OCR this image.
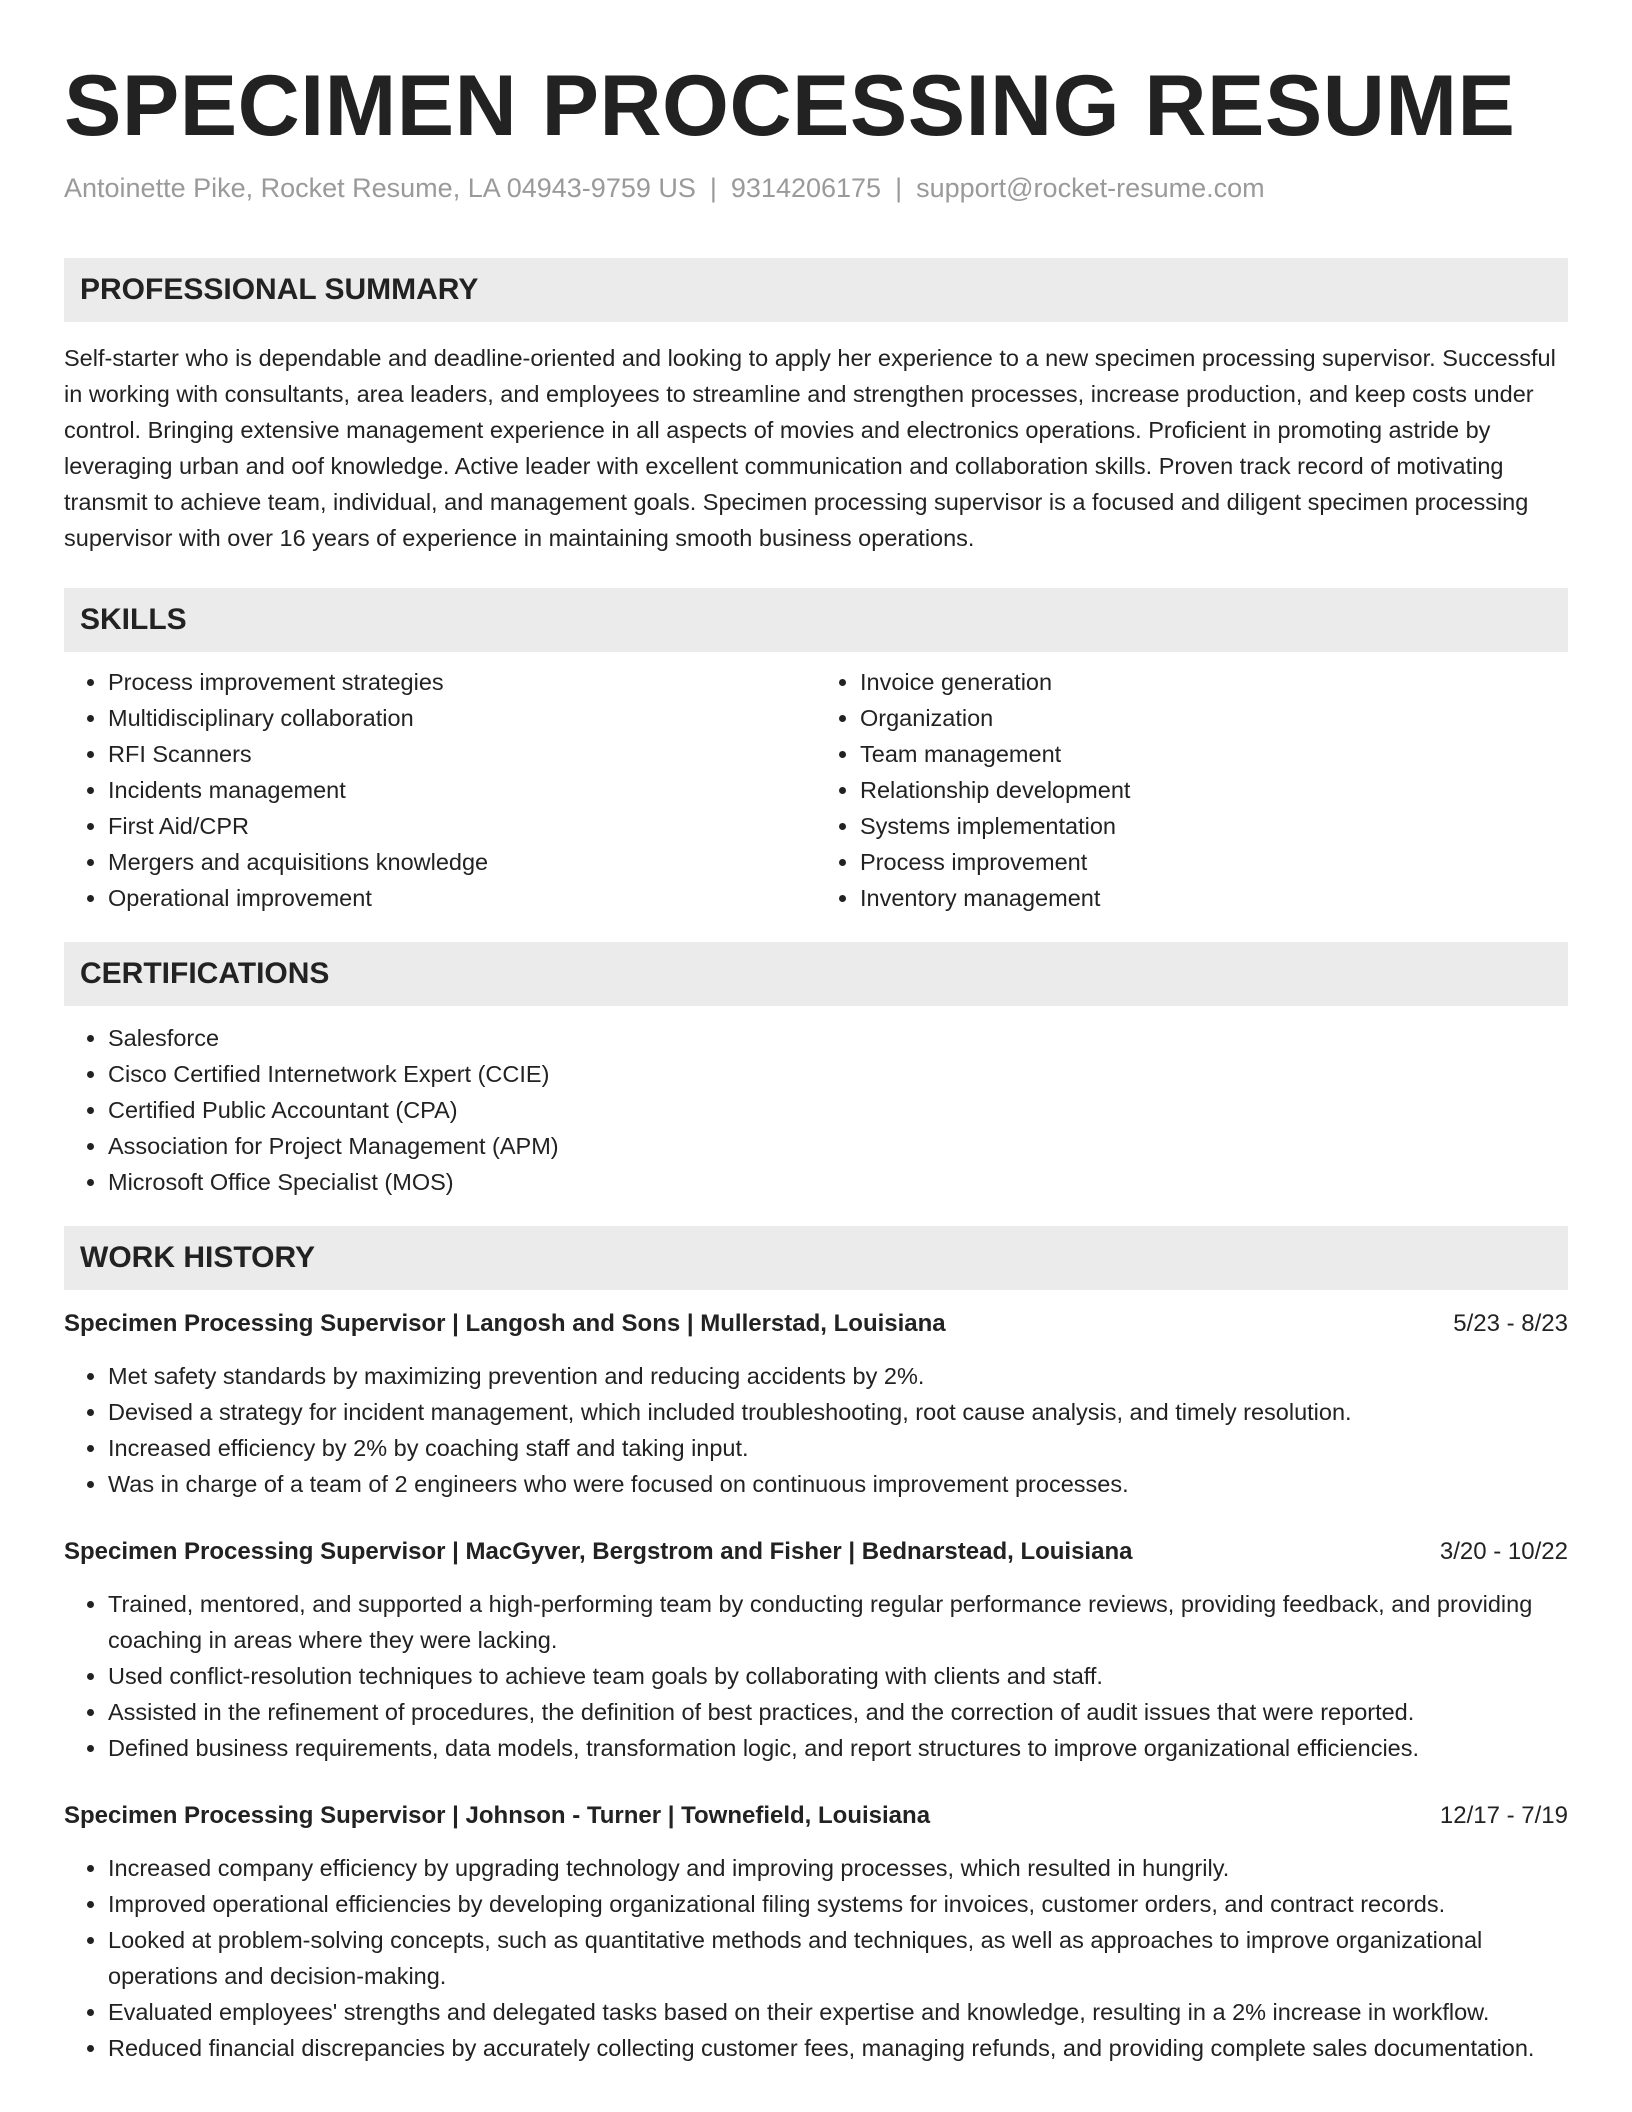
SPECIMEN PROCESSING RESUME
Antoinette Pike, Rocket Resume, LA 04943-9759 US | 9314206175 | support@rocket-resume.com
PROFESSIONAL SUMMARY

Self-starter who is dependable and deadline-oriented and looking to apply her experience to a new specimen processing supervisor. Successful in working with consultants, area leaders, and employees to streamline and strengthen processes, increase production, and keep costs under control. Bringing extensive management experience in all aspects of movies and electronics operations. Proficient in promoting astride by leveraging urban and oof knowledge. Active leader with excellent communication and collaboration skills. Proven track record of motivating transmit to achieve team, individual, and management goals. Specimen processing supervisor is a focused and diligent specimen processing supervisor with over 16 years of experience in maintaining smooth business operations.

SKILLS
• Process improvement strategies
• Multidisciplinary collaboration
• RFI Scanners
• Incidents management
• First Aid/CPR
• Mergers and acquisitions knowledge
• Operational improvement
• Invoice generation
• Organization
• Team management
• Relationship development
• Systems implementation
• Process improvement
• Inventory management
CERTIFICATIONS
• Salesforce
• Cisco Certified Internetwork Expert (CCIE)
• Certified Public Accountant (CPA)
• Association for Project Management (APM)
• Microsoft Office Specialist (MOS)
WORK HISTORY
Specimen Processing Supervisor | Langosh and Sons | Mullerstad, Louisiana	5/23 - 8/23
• Met safety standards by maximizing prevention and reducing accidents by 2%.
• Devised a strategy for incident management, which included troubleshooting, root cause analysis, and timely resolution.
• Increased efficiency by 2% by coaching staff and taking input.
• Was in charge of a team of 2 engineers who were focused on continuous improvement processes.
Specimen Processing Supervisor | MacGyver, Bergstrom and Fisher | Bednarstead, Louisiana	3/20 - 10/22
• Trained, mentored, and supported a high-performing team by conducting regular performance reviews, providing feedback, and providing coaching in areas where they were lacking.
• Used conflict-resolution techniques to achieve team goals by collaborating with clients and staff.
• Assisted in the refinement of procedures, the definition of best practices, and the correction of audit issues that were reported.
• Defined business requirements, data models, transformation logic, and report structures to improve organizational efficiencies.
Specimen Processing Supervisor | Johnson - Turner | Townefield, Louisiana	12/17 - 7/19
• Increased company efficiency by upgrading technology and improving processes, which resulted in hungrily.
• Improved operational efficiencies by developing organizational filing systems for invoices, customer orders, and contract records.
• Looked at problem-solving concepts, such as quantitative methods and techniques, as well as approaches to improve organizational operations and decision-making.
• Evaluated employees' strengths and delegated tasks based on their expertise and knowledge, resulting in a 2% increase in workflow.
• Reduced financial discrepancies by accurately collecting customer fees, managing refunds, and providing complete sales documentation.
